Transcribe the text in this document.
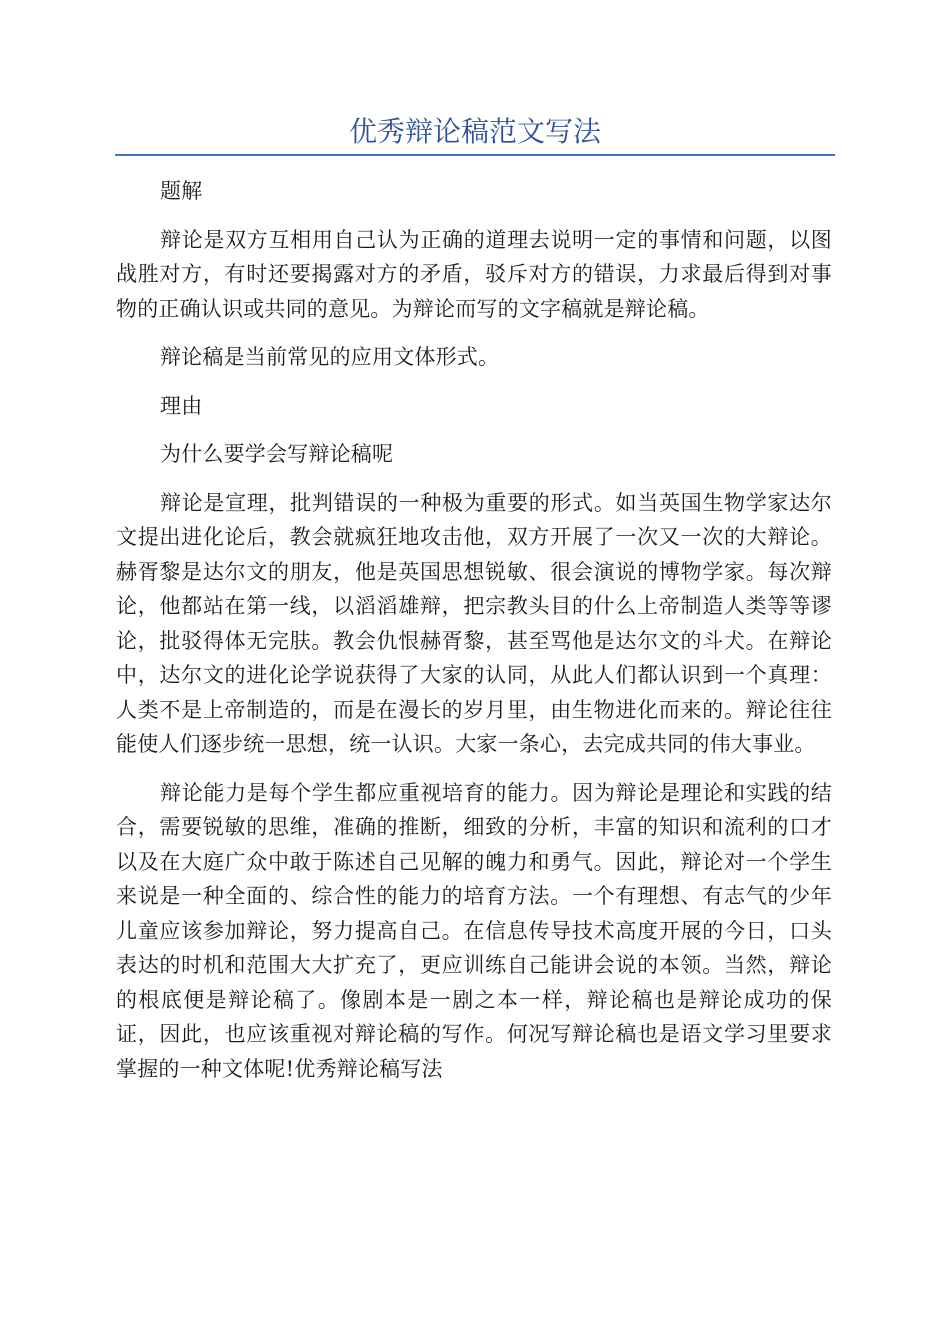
优秀辩论稿范文写法

题解

辩论是双方互相用自己认为正确的道理去说明一定的事情和问题，以图战胜对方，有时还要揭露对方的矛盾，驳斥对方的错误，力求最后得到对事物的正确认识或共同的意见。为辩论而写的文字稿就是辩论稿。

辩论稿是当前常见的应用文体形式。

理由

为什么要学会写辩论稿呢

辩论是宣理，批判错误的一种极为重要的形式。如当英国生物学家达尔文提出进化论后，教会就疯狂地攻击他，双方开展了一次又一次的大辩论。赫胥黎是达尔文的朋友，他是英国思想锐敏、很会演说的博物学家。每次辩论，他都站在第一线，以滔滔雄辩，把宗教头目的什么上帝制造人类等等谬论，批驳得体无完肤。教会仇恨赫胥黎，甚至骂他是达尔文的斗犬。在辩论中，达尔文的进化论学说获得了大家的认同，从此人们都认识到一个真理：人类不是上帝制造的，而是在漫长的岁月里，由生物进化而来的。辩论往往能使人们逐步统一思想，统一认识。大家一条心，去完成共同的伟大事业。

辩论能力是每个学生都应重视培育的能力。因为辩论是理论和实践的结合，需要锐敏的思维，准确的推断，细致的分析，丰富的知识和流利的口才以及在大庭广众中敢于陈述自己见解的魄力和勇气。因此，辩论对一个学生来说是一种全面的、综合性的能力的培育方法。一个有理想、有志气的少年儿童应该参加辩论，努力提高自己。在信息传导技术高度开展的今日，口头表达的时机和范围大大扩充了，更应训练自己能讲会说的本领。当然，辩论的根底便是辩论稿了。像剧本是一剧之本一样，辩论稿也是辩论成功的保证，因此，也应该重视对辩论稿的写作。何况写辩论稿也是语文学习里要求掌握的一种文体呢!优秀辩论稿写法
